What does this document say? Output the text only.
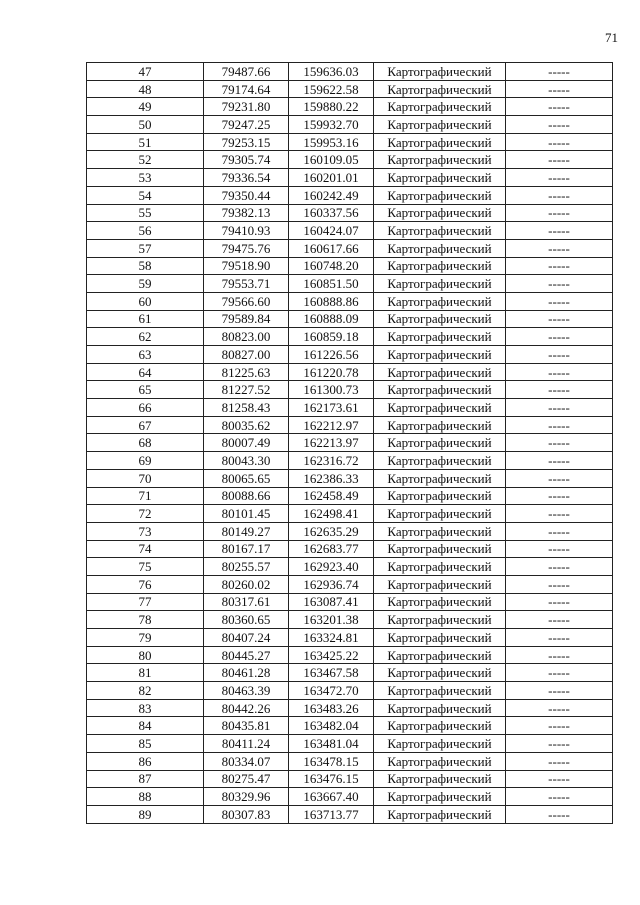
71
47	79487.66	159636.03	Картографический	-----
48	79174.64	159622.58	Картографический	-----
49	79231.80	159880.22	Картографический	-----
50	79247.25	159932.70	Картографический	-----
51	79253.15	159953.16	Картографический	-----
52	79305.74	160109.05	Картографический	-----
53	79336.54	160201.01	Картографический	-----
54	79350.44	160242.49	Картографический	-----
55	79382.13	160337.56	Картографический	-----
56	79410.93	160424.07	Картографический	-----
57	79475.76	160617.66	Картографический	-----
58	79518.90	160748.20	Картографический	-----
59	79553.71	160851.50	Картографический	-----
60	79566.60	160888.86	Картографический	-----
61	79589.84	160888.09	Картографический	-----
62	80823.00	160859.18	Картографический	-----
63	80827.00	161226.56	Картографический	-----
64	81225.63	161220.78	Картографический	-----
65	81227.52	161300.73	Картографический	-----
66	81258.43	162173.61	Картографический	-----
67	80035.62	162212.97	Картографический	-----
68	80007.49	162213.97	Картографический	-----
69	80043.30	162316.72	Картографический	-----
70	80065.65	162386.33	Картографический	-----
71	80088.66	162458.49	Картографический	-----
72	80101.45	162498.41	Картографический	-----
73	80149.27	162635.29	Картографический	-----
74	80167.17	162683.77	Картографический	-----
75	80255.57	162923.40	Картографический	-----
76	80260.02	162936.74	Картографический	-----
77	80317.61	163087.41	Картографический	-----
78	80360.65	163201.38	Картографический	-----
79	80407.24	163324.81	Картографический	-----
80	80445.27	163425.22	Картографический	-----
81	80461.28	163467.58	Картографический	-----
82	80463.39	163472.70	Картографический	-----
83	80442.26	163483.26	Картографический	-----
84	80435.81	163482.04	Картографический	-----
85	80411.24	163481.04	Картографический	-----
86	80334.07	163478.15	Картографический	-----
87	80275.47	163476.15	Картографический	-----
88	80329.96	163667.40	Картографический	-----
89	80307.83	163713.77	Картографический	-----
